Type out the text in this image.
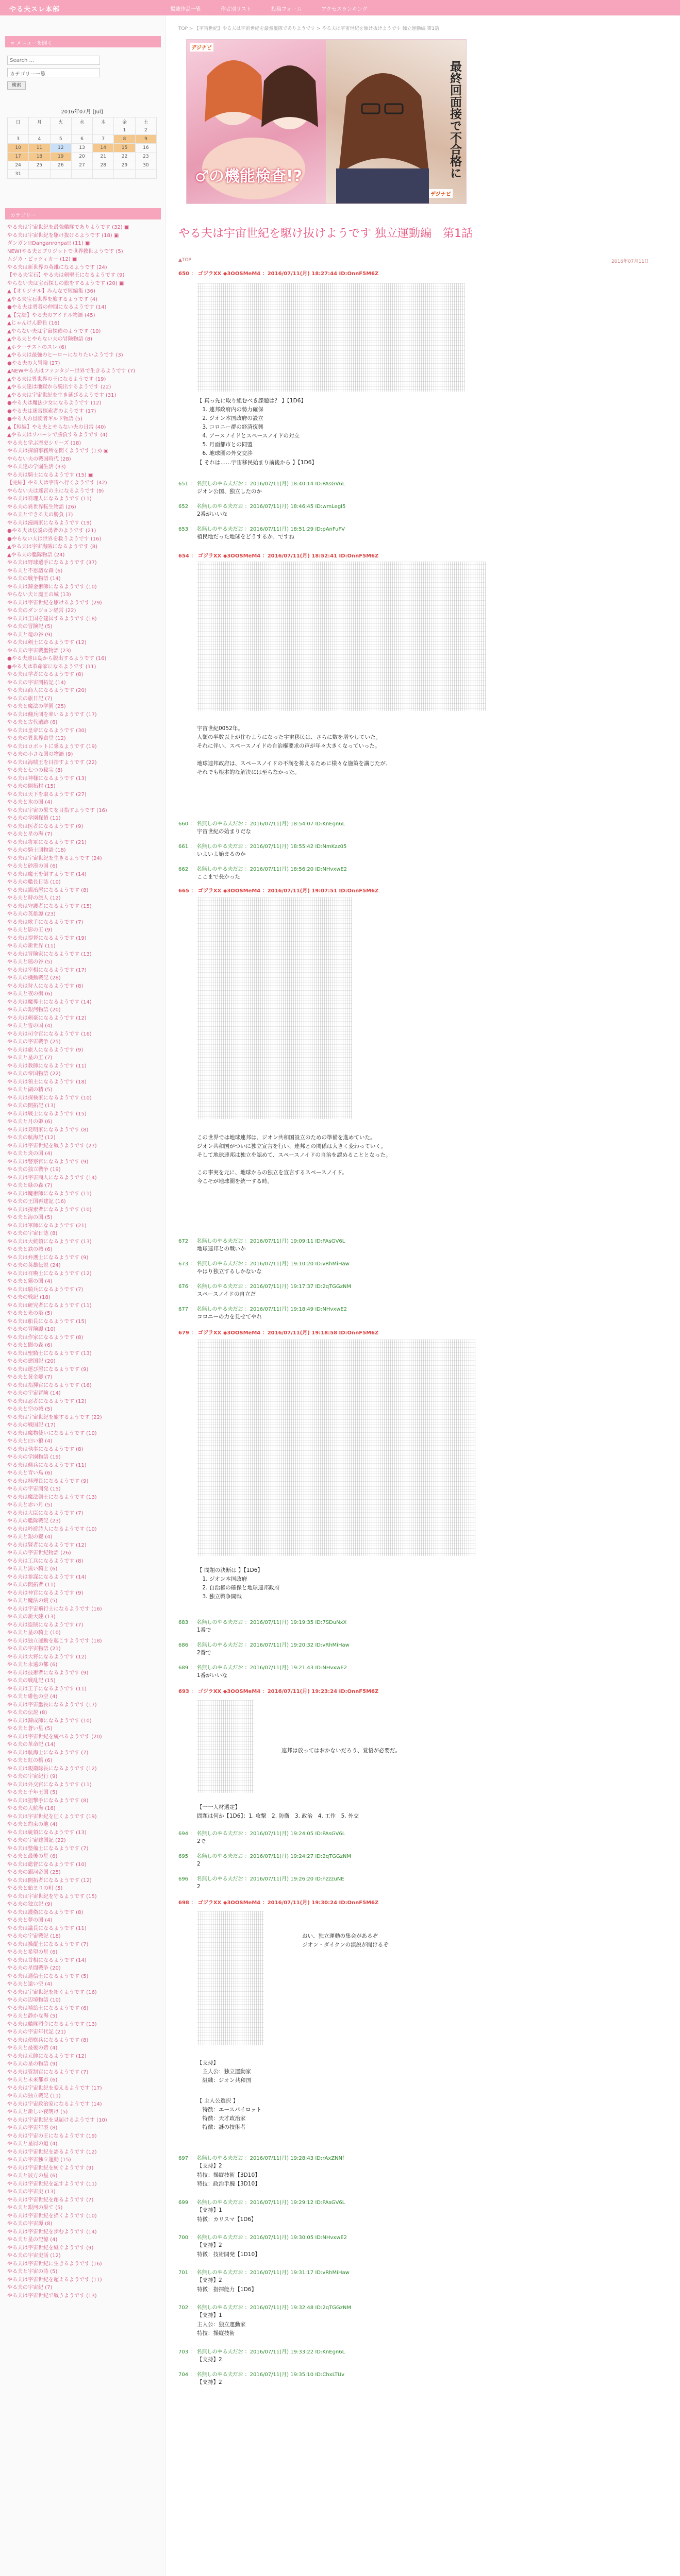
やる夫スレ本部	掲載作品一覧	作者別リスト	投稿フォーム	アクセスランキング
Search ...
カテゴリー一覧
≡ メニューを開く
検索
2016年07月 [Jul]
日	月	火	水	木	金	土
					1	2
3	4	5	6	7	8	9
10	11	12	13	14	15	16
17	18	19	20	21	22	23
24	25	26	27	28	29	30
31						
カテゴリー
やる夫は宇宙世紀を最強艦隊でありようです (32) ▣
やる夫は宇宙世紀を駆け抜けるようです (18) ▣
ダンガン!!Danganronpa!! (11) ▣
NEW!やる夫とブリジットで世界救世ようです (5)
ムジカ・ピッツィカー (12) ▣
やる夫は新世界の英雄になるようです (24)
【やる夫宝石】やる夫は剣聖王になるようです (9)
やらない夫は宝石探しの旅をするようです (20) ▣
▲【オリジナル】みんなで短編集 (36)
▲やる夫宝石世界を旅するようです (4)
●やる夫は勇者の仲間になるようです (14)
▲【完結】やる夫のアイドル物語 (45)
▲じゃんけん勝負 (16)
▲やらない夫は宇宙探偵のようです (10)
▲やる夫とやらない夫の冒険物語 (8)
▲ホラーテストのスレ (6)
▲やる夫は最強のヒーローになりたいようです (3)
●やる夫の大冒険 (27)
▲NEWやる夫はファンタジー世界で生きるようです (7)
▲やる夫は異世界の王になるようです (19)
▲やる夫達は地獄から脱出するようです (22)
▲やる夫は宇宙世紀を生き延びるようです (31)
●やる夫は魔法少女になるようです (12)
●やる夫は迷宮探索者のようです (17)
●やる夫の冒険者ギルド物語 (5)
▲【短編】やる夫とやらない夫の日常 (40)
▲やる夫はリバーシで勝負するようです (4)
やる夫と学ぶ歴史シリーズ (18)
やる夫は探偵事務所を開くようです (13) ▣
やらない夫の戦国時代 (28)
やる夫達の学園生活 (33)
やる夫は騎士になるようです (15) ▣
【完結】やる夫は宇宙へ行くようです (42)
やらない夫は迷宮の主になるようです (9)
やる夫は料理人になるようです (11)
やる夫の異世界転生物語 (26)
やる夫とできる夫の勝負 (7)
やる夫は漫画家になるようです (19)
●やる夫は伝説の勇者のようです (21)
●やらない夫は世界を救うようです (16)
▲やる夫は宇宙海賊になるようです (8)
▲やる夫の艦隊物語 (24)
やる夫は野球選手になるようです (37)
やる夫と不思議な森 (6)
やる夫の戦争物語 (14)
やる夫は錬金術師になるようです (10)
やらない夫と魔王の城 (13)
やる夫は宇宙世紀を駆けるようです (29)
やる夫のダンジョン経営 (22)
やる夫は王国を建国するようです (18)
やる夫の冒険記 (5)
やる夫と竜の谷 (9)
やる夫は剣士になるようです (12)
やる夫の宇宙戦艦物語 (23)
●やる夫達は島から脱出するようです (16)
●やる夫は革命家になるようです (11)
やる夫は学者になるようです (8)
やる夫の宇宙開拓記 (14)
やる夫は商人になるようです (20)
やる夫の旅日記 (7)
やる夫と魔法の学園 (25)
やる夫は傭兵団を率いるようです (17)
やる夫と古代遺跡 (6)
やる夫は皇帝になるようです (30)
やる夫の異世界食堂 (12)
やる夫はロボットに乗るようです (19)
やる夫の小さな国の物語 (9)
やる夫は海賊王を目指すようです (22)
やる夫と七つの秘宝 (8)
やる夫は神様になるようです (13)
やる夫の開拓村 (15)
やる夫は天下を取るようです (27)
やる夫と氷の国 (4)
やる夫は宇宙の果てを目指すようです (16)
やる夫の学園探偵 (11)
やる夫は医者になるようです (9)
やる夫と星の海 (7)
やる夫は将軍になるようです (21)
やる夫の騎士団物語 (18)
やる夫は宇宙世紀を生きるようです (24)
やる夫と砂漠の国 (6)
やる夫は魔王を倒すようです (14)
やる夫の艦長日誌 (10)
やる夫は鍛冶屋になるようです (8)
やる夫と時の旅人 (12)
やる夫は守護者になるようです (15)
やる夫の英雄譚 (23)
やる夫は歌手になるようです (7)
やる夫と影の王 (9)
やる夫は提督になるようです (19)
やる夫の新世界 (11)
やる夫は冒険家になるようです (13)
やる夫と風の谷 (5)
やる夫は宰相になるようです (17)
やる夫の機動戦記 (28)
やる夫は狩人になるようです (8)
やる夫と夜の街 (6)
やる夫は魔導士になるようです (14)
やる夫の銀河物語 (20)
やる夫は剣豪になるようです (12)
やる夫と雪の国 (4)
やる夫は司令官になるようです (16)
やる夫の宇宙戦争 (25)
やる夫は旅人になるようです (9)
やる夫と星の王 (7)
やる夫は教師になるようです (11)
やる夫の帝国物語 (22)
やる夫は領主になるようです (18)
やる夫と湖の精 (5)
やる夫は探検家になるようです (10)
やる夫の開拓記 (13)
やる夫は戦士になるようです (15)
やる夫と月の姫 (6)
やる夫は発明家になるようです (8)
やる夫の航海記 (12)
やる夫は宇宙世紀を戦うようです (27)
やる夫と炎の国 (4)
やる夫は警察官になるようです (9)
やる夫の独立戦争 (19)
やる夫は宇宙商人になるようです (14)
やる夫と緑の森 (7)
やる夫は魔術師になるようです (11)
やる夫の王国再建記 (16)
やる夫は探索者になるようです (10)
やる夫と海の国 (5)
やる夫は軍師になるようです (21)
やる夫の宇宙日誌 (8)
やる夫は大統領になるようです (13)
やる夫と鉄の城 (6)
やる夫は弁護士になるようです (9)
やる夫の英雄伝説 (24)
やる夫は召喚士になるようです (12)
やる夫と霧の国 (4)
やる夫は騎兵になるようです (7)
やる夫の戦記 (18)
やる夫は研究者になるようです (11)
やる夫と光の塔 (5)
やる夫は船長になるようです (15)
やる夫の冒険譚 (10)
やる夫は作家になるようです (8)
やる夫と闇の森 (6)
やる夫は聖騎士になるようです (13)
やる夫の建国記 (20)
やる夫は運び屋になるようです (9)
やる夫と黄金郷 (7)
やる夫は指揮官になるようです (16)
やる夫の宇宙冒険 (14)
やる夫は忍者になるようです (12)
やる夫と空の城 (5)
やる夫は宇宙世紀を旅するようです (22)
やる夫の戦国記 (17)
やる夫は魔物使いになるようです (10)
やる夫と白い狼 (4)
やる夫は執事になるようです (8)
やる夫の学園物語 (19)
やる夫は傭兵になるようです (11)
やる夫と青い鳥 (6)
やる夫は料理長になるようです (9)
やる夫の宇宙開発 (15)
やる夫は魔法剣士になるようです (13)
やる夫と赤い月 (5)
やる夫は大臣になるようです (7)
やる夫の艦隊戦記 (23)
やる夫は吟遊詩人になるようです (10)
やる夫と銀の鍵 (4)
やる夫は賢者になるようです (12)
やる夫の宇宙世紀物語 (26)
やる夫は工兵になるようです (8)
やる夫と黒い騎士 (6)
やる夫は参謀になるようです (14)
やる夫の開拓者 (11)
やる夫は神官になるようです (9)
やる夫と魔法の鏡 (5)
やる夫は宇宙飛行士になるようです (16)
やる夫の新大陸 (13)
やる夫は盗賊になるようです (7)
やる夫と星の騎士 (10)
やる夫は独立運動を起こすようです (18)
やる夫の宇宙物語 (21)
やる夫は大将になるようです (12)
やる夫と永遠の都 (6)
やる夫は技術者になるようです (9)
やる夫の戦乱記 (15)
やる夫は王子になるようです (11)
やる夫と緋色の空 (4)
やる夫は宇宙艦長になるようです (17)
やる夫の伝説 (8)
やる夫は錬成師になるようです (10)
やる夫と蒼い星 (5)
やる夫は宇宙世紀を統べるようです (20)
やる夫の革命記 (14)
やる夫は航海士になるようです (7)
やる夫と虹の橋 (6)
やる夫は親衛隊長になるようです (12)
やる夫の宇宙紀行 (9)
やる夫は外交官になるようです (11)
やる夫と千年王国 (5)
やる夫は狙撃手になるようです (8)
やる夫の大航海 (16)
やる夫は宇宙世紀を征くようです (19)
やる夫と約束の地 (4)
やる夫は統領になるようです (13)
やる夫の宇宙建国記 (22)
やる夫は整備士になるようです (7)
やる夫と最後の星 (6)
やる夫は総督になるようです (10)
やる夫の銀河帝国 (25)
やる夫は開拓者になるようです (12)
やる夫と始まりの町 (5)
やる夫は宇宙世紀を守るようです (15)
やる夫の独立記 (9)
やる夫は護衛になるようです (8)
やる夫と夢の国 (4)
やる夫は議長になるようです (11)
やる夫の宇宙戦記 (18)
やる夫は操縦士になるようです (7)
やる夫と希望の星 (6)
やる夫は首相になるようです (14)
やる夫の星間戦争 (20)
やる夫は通信士になるようです (5)
やる夫と遠い空 (4)
やる夫は宇宙世紀を拓くようです (16)
やる夫の辺境物語 (10)
やる夫は補給士になるようです (6)
やる夫と静かな海 (5)
やる夫は艦隊司令になるようです (13)
やる夫の宇宙年代記 (21)
やる夫は偵察兵になるようです (8)
やる夫と最後の砦 (4)
やる夫は元帥になるようです (12)
やる夫の星の物語 (9)
やる夫は管制官になるようです (7)
やる夫と未来都市 (6)
やる夫は宇宙世紀を変えるようです (17)
やる夫の独立戦記 (11)
やる夫は宇宙政治家になるようです (14)
やる夫と新しい夜明け (5)
やる夫は宇宙世紀を見届けるようです (10)
やる夫の宇宙年表 (8)
やる夫は宇宙の王になるようです (19)
やる夫と星屑の道 (4)
やる夫は宇宙世紀を語るようです (12)
やる夫の宇宙独立運動 (15)
やる夫は宇宙世紀を紡ぐようです (9)
やる夫と彼方の星 (6)
やる夫は宇宙世紀を記すようです (11)
やる夫の宇宙史 (13)
やる夫は宇宙世紀を創るようです (7)
やる夫と銀河の果て (5)
やる夫は宇宙世紀を描くようです (10)
やる夫の宇宙譚 (8)
やる夫は宇宙世紀を歩むようです (14)
やる夫と星の記憶 (4)
やる夫は宇宙世紀を継ぐようです (9)
やる夫の宇宙史話 (12)
やる夫は宇宙世紀に生きるようです (16)
やる夫と宇宙の詩 (5)
やる夫は宇宙世紀を超えるようです (11)
やる夫の宇宙紀 (7)
やる夫は宇宙世紀で戦うようです (13)
TOP > 【宇宙世紀】やる夫は宇宙世紀を最強艦隊でありようです > やる夫は宇宙世紀を駆け抜けようです 独立運動編 第1話
デジナビ
デジナビ
♂の機能検査!?	最終回面接で不合格に
やる夫は宇宙世紀を駆け抜けようです 独立運動編　第1話
▲TOP	2016年07月11日
650 ： ゴジラXX ◆3OOSMeM4 ：2016/07/11(月) 18:27:44 ID:OnnF5M6Z
【 真っ先に取り組むべき課題は？ 】【1D6】
　1. 連邦政府内の勢力確保
　2. ジオン本国政府の設立
　3. コロニー群の経済復興
　4. アースノイドとスペースノイドの対立
　5. 月面都市との同盟
　6. 地球圏の外交交渉
【 それは……宇宙移民始まり前後から 】【1D6】
651 ： 名無しのやる夫だお ：2016/07/11(月) 18:40:14 ID:PAsGV6L
ジオン公国、独立したのか
652 ： 名無しのやる夫だお ：2016/07/11(月) 18:46:45 ID:wmLegI5
2番がいいな
653 ： 名無しのやる夫だお ：2016/07/11(月) 18:51:29 ID:pAnFuFV
植民地だった地球をどうするか、ですね
654 ： ゴジラXX ◆3OOSMeM4 ：2016/07/11(月) 18:52:41 ID:OnnF5M6Z
宇宙世紀0052年。
人類の半数以上が住むようになった宇宙移民は、さらに数を増やしていた。
それに伴い、スペースノイドの自治権要求の声が年々大きくなっていった。

地球連邦政府は、スペースノイドの不満を抑えるために様々な施策を講じたが、
それでも根本的な解決には至らなかった。
660 ： 名無しのやる夫だお ：2016/07/11(月) 18:54:07 ID:KnEgn6L
宇宙世紀の始まりだな
661 ： 名無しのやる夫だお ：2016/07/11(月) 18:55:42 ID:NmKzz05
いよいよ始まるのか
662 ： 名無しのやる夫だお ：2016/07/11(月) 18:56:20 ID:NHvxwE2
ここまで長かった
665 ： ゴジラXX ◆3OOSMeM4 ：2016/07/11(月) 19:07:51 ID:OnnF5M6Z
この世界では地球連邦は、ジオン共和国設立のための準備を進めていた。
ジオン共和国がついに独立宣言を行い、連邦との関係は大きく変わっていく。
そして地球連邦は独立を認めて、スペースノイドの自治を認めることとなった。

この事実を元に、地球からの独立を宣言するスペースノイド。
今こそが地球圏を統一する時。
672 ： 名無しのやる夫だお ：2016/07/11(月) 19:09:11 ID:PAsGV6L
地球連邦との戦いか
673 ： 名無しのやる夫だお ：2016/07/11(月) 19:10:20 ID:vRhMiHaw
やはり独立するしかないな
676 ： 名無しのやる夫だお ：2016/07/11(月) 19:17:37 ID:2qTGGzNM
スペースノイドの自立だ
677 ： 名無しのやる夫だお ：2016/07/11(月) 19:18:49 ID:NHvxwE2
コロニーの力を見せてやれ
679 ： ゴジラXX ◆3OOSMeM4 ：2016/07/11(月) 19:18:58 ID:OnnF5M6Z
【 問題の決断は 】【1D6】
　1. ジオン本国政府
　2. 自治権の確保と地球連邦政府
　3. 独立戦争開戦
683 ： 名無しのやる夫だお ：2016/07/11(月) 19:19:35 ID:7SDuNxX
1番で
686 ： 名無しのやる夫だお ：2016/07/11(月) 19:20:32 ID:vRhMiHaw
2番で
689 ： 名無しのやる夫だお ：2016/07/11(月) 19:21:43 ID:NHvxwE2
1番がいいな
693 ： ゴジラXX ◆3OOSMeM4 ：2016/07/11(月) 19:23:24 ID:OnnF5M6Z
連邦は放ってはおかないだろう、覚悟が必要だ。
【一一人材選定】
問題は何か【1D6】：1. 攻撃　2. 防衛　3. 政治　4. 工作　5. 外交
694 ： 名無しのやる夫だお ：2016/07/11(月) 19:24:05 ID:PAsGV6L
2で
695 ： 名無しのやる夫だお ：2016/07/11(月) 19:24:27 ID:2qTGGzNM
2
696 ： 名無しのやる夫だお ：2016/07/11(月) 19:26:20 ID:hzzzuNE
2
698 ： ゴジラXX ◆3OOSMeM4 ：2016/07/11(月) 19:30:24 ID:OnnF5M6Z
おい、独立運動の集会があるぞ
ジオン・ダイクンの演説が聞けるぞ
【支持】
　主人公：独立運動家
　組織：ジオン共和国
【 主人公選択 】
　特徴：エースパイロット
　特徴：天才政治家
　特徴：謎の技術者
697 ： 名無しのやる夫だお ：2016/07/11(月) 19:28:43 ID:rAxZNNf
【支持】2
特技：操縦技術【3D10】
特技：政治手腕【3D10】
699 ： 名無しのやる夫だお ：2016/07/11(月) 19:29:12 ID:PAsGV6L
【支持】1
特徴：カリスマ【1D6】
700 ： 名無しのやる夫だお ：2016/07/11(月) 19:30:05 ID:NHvxwE2
【支持】2
特徴：技術開発【1D10】
701 ： 名無しのやる夫だお ：2016/07/11(月) 19:31:17 ID:vRhMiHaw
【支持】2
特徴：指揮能力【1D6】
702 ： 名無しのやる夫だお ：2016/07/11(月) 19:32:48 ID:2qTGGzNM
【支持】1
主人公：独立運動家
特技：操縦技術
703 ： 名無しのやる夫だお ：2016/07/11(月) 19:33:22 ID:KnEgn6L
【支持】2
704 ： 名無しのやる夫だお ：2016/07/11(月) 19:35:10 ID:ChxLTUv
【支持】2
